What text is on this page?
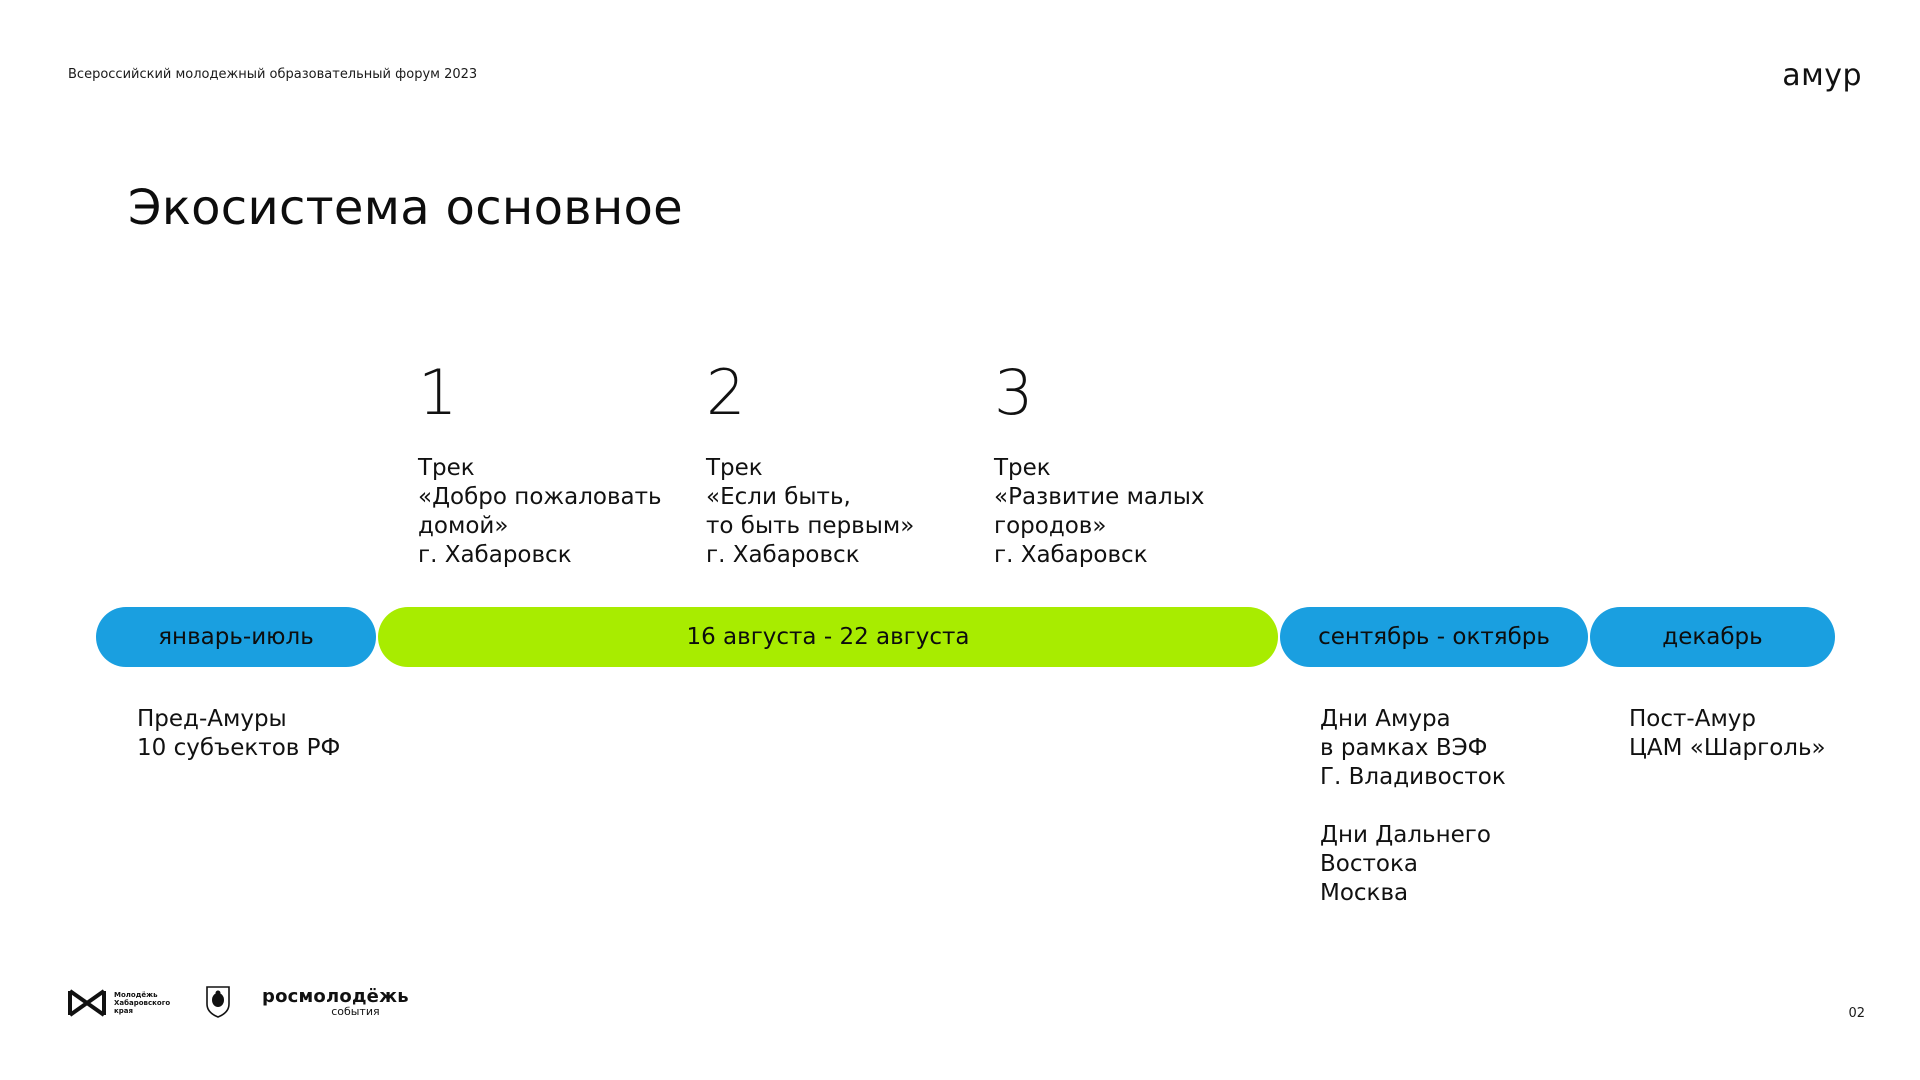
Всероссийский молодежный образовательный форум 2023	амур
Экосистема основное
1
Трек
«Добро пожаловать
домой»
г. Хабаровск
2
Трек
«Если быть,
то быть первым»
г. Хабаровск
3
Трек
«Развитие малых
городов»
г. Хабаровск
январь-июль	16 августа - 22 августа	сентябрь - октябрь	декабрь
Пред-Амуры
10 субъектов РФ
Дни Амура
в рамках ВЭФ
Г. Владивосток
Дни Дальнего
Востока
Москва
Пост-Амур
ЦАМ «Шарголь»
Молодёжь
Хабаровского
края
росмолодёжь
события	02
